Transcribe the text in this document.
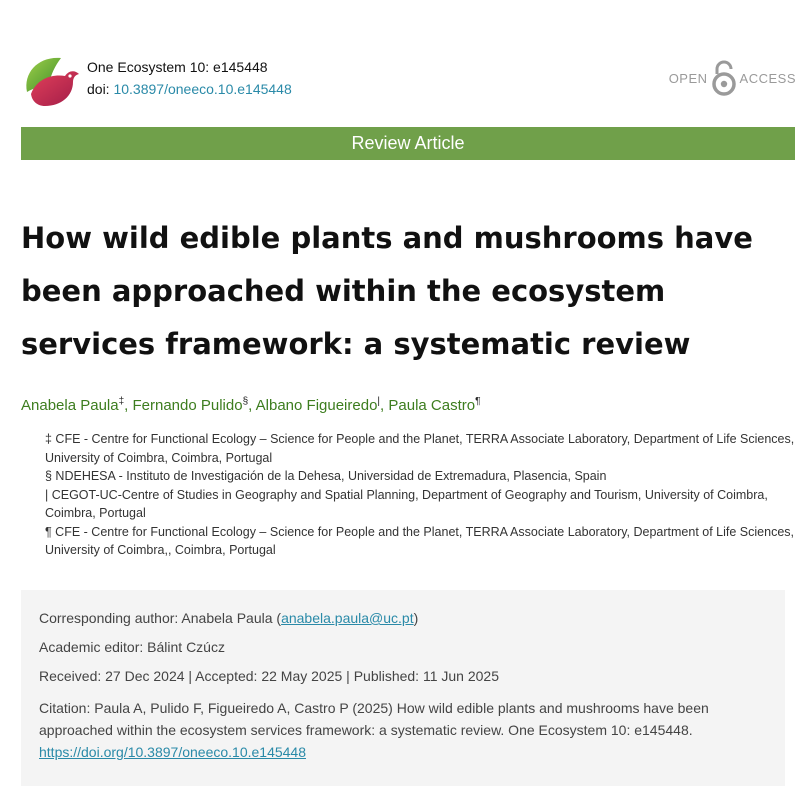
One Ecosystem 10: e145448
doi: 10.3897/oneeco.10.e145448
OPEN ACCESS
Review Article
How wild edible plants and mushrooms have been approached within the ecosystem services framework: a systematic review
Anabela Paula‡, Fernando Pulido§, Albano Figueiredo|, Paula Castro¶
‡ CFE - Centre for Functional Ecology – Science for People and the Planet, TERRA Associate Laboratory, Department of Life Sciences, University of Coimbra, Coimbra, Portugal
§ NDEHESA - Instituto de Investigación de la Dehesa, Universidad de Extremadura, Plasencia, Spain
| CEGOT-UC-Centre of Studies in Geography and Spatial Planning, Department of Geography and Tourism, University of Coimbra, Coimbra, Portugal
¶ CFE - Centre for Functional Ecology – Science for People and the Planet, TERRA Associate Laboratory, Department of Life Sciences, University of Coimbra,, Coimbra, Portugal
Corresponding author: Anabela Paula (anabela.paula@uc.pt)
Academic editor: Bálint Czúcz
Received: 27 Dec 2024 | Accepted: 22 May 2025 | Published: 11 Jun 2025
Citation: Paula A, Pulido F, Figueiredo A, Castro P (2025) How wild edible plants and mushrooms have been approached within the ecosystem services framework: a systematic review. One Ecosystem 10: e145448.
https://doi.org/10.3897/oneeco.10.e145448
